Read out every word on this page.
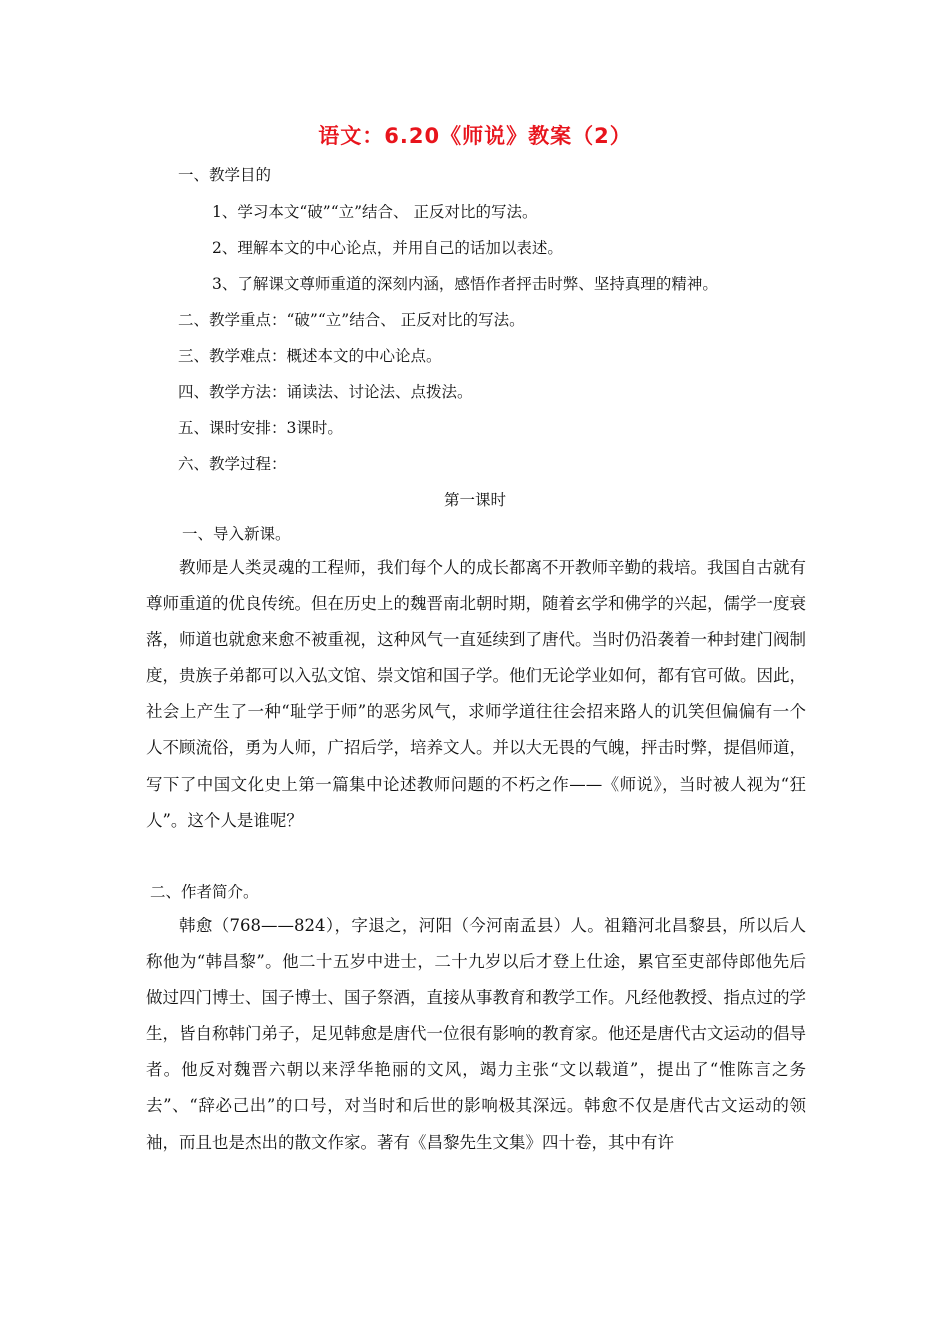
语文：6.20《师说》教案（2）
一、教学目的
1、学习本文“破”“立”结合、 正反对比的写法。
2、理解本文的中心论点，并用自己的话加以表述。
3、了解课文尊师重道的深刻内涵，感悟作者抨击时弊、坚持真理的精神。
二、教学重点：“破”“立”结合、 正反对比的写法。
三、教学难点：概述本文的中心论点。
四、教学方法：诵读法、讨论法、点拨法。
五、课时安排：3课时。
六、教学过程：
第一课时
一、导入新课。
教师是人类灵魂的工程师，我们每个人的成长都离不开教师辛勤的栽培。我国自古就有尊师重道的优良传统。但在历史上的魏晋南北朝时期，随着玄学和佛学的兴起，儒学一度衰落，师道也就愈来愈不被重视，这种风气一直延续到了唐代。当时仍沿袭着一种封建门阀制度，贵族子弟都可以入弘文馆、崇文馆和国子学。他们无论学业如何，都有官可做。因此，社会上产生了一种“耻学于师”的恶劣风气，求师学道往往会招来路人的讥笑但偏偏有一个人不顾流俗，勇为人师，广招后学，培养文人。并以大无畏的气魄，抨击时弊，提倡师道，写下了中国文化史上第一篇集中论述教师问题的不朽之作——《师说》，当时被人视为“狂人”。这个人是谁呢？
二、作者简介。
韩愈（768——824），字退之，河阳（今河南孟县）人。祖籍河北昌黎县，所以后人称他为“韩昌黎”。他二十五岁中进士，二十九岁以后才登上仕途，累官至吏部侍郎他先后做过四门博士、国子博士、国子祭酒，直接从事教育和教学工作。凡经他教授、指点过的学生，皆自称韩门弟子，足见韩愈是唐代一位很有影响的教育家。他还是唐代古文运动的倡导者。他反对魏晋六朝以来浮华艳丽的文风，竭力主张“文以载道”，提出了“惟陈言之务去”、“辞必己出”的口号，对当时和后世的影响极其深远。韩愈不仅是唐代古文运动的领袖，而且也是杰出的散文作家。著有《昌黎先生文集》四十卷，其中有许
